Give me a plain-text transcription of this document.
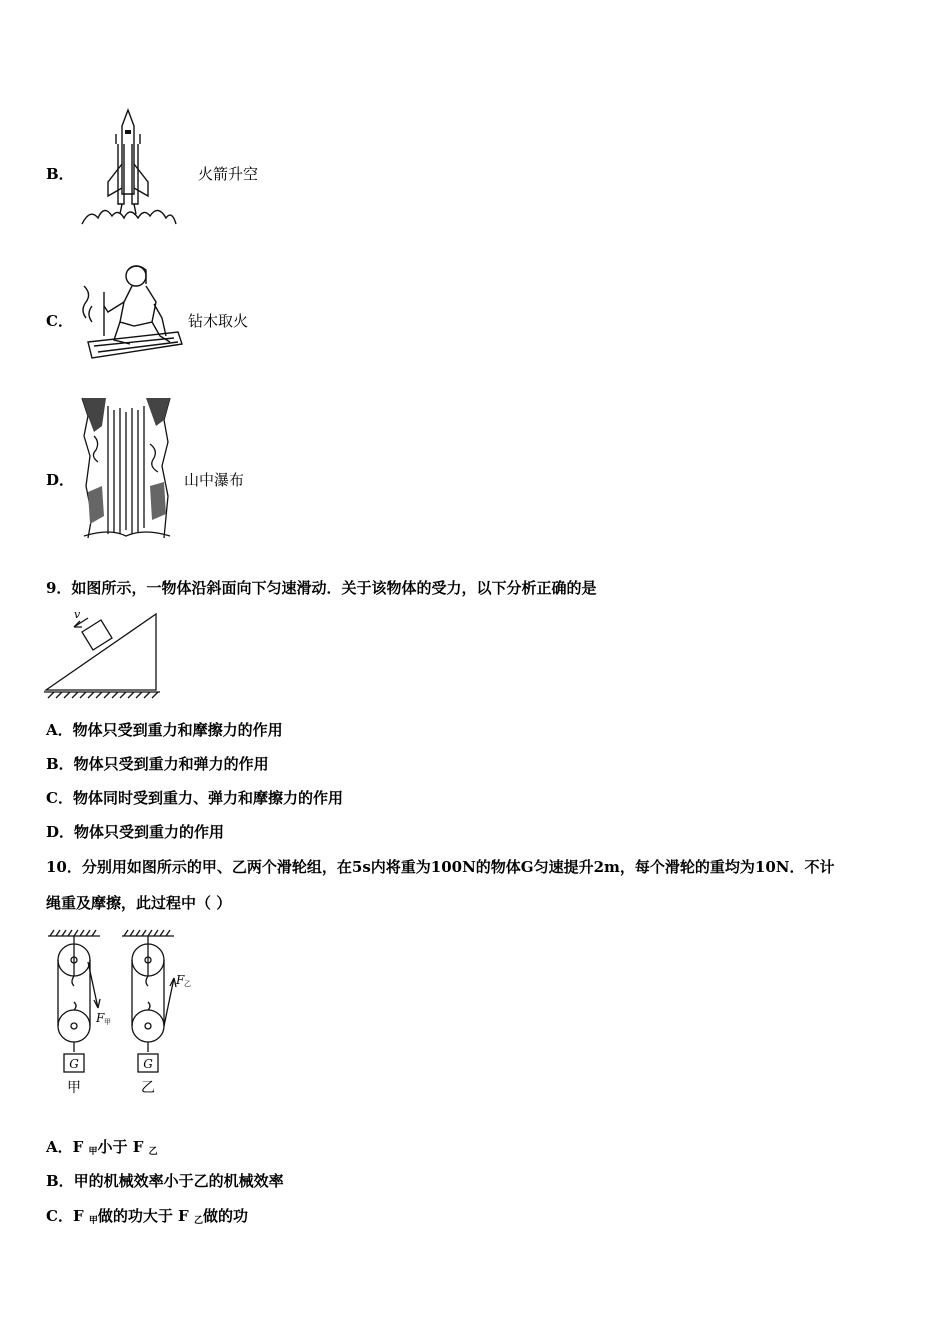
B．	火箭升空
C．	钻木取火
D．	山中瀑布
9．如图所示，一物体沿斜面向下匀速滑动．关于该物体的受力，以下分析正确的是
v
A．物体只受到重力和摩擦力的作用
B．物体只受到重力和弹力的作用
C．物体同时受到重力、弹力和摩擦力的作用
D．物体只受到重力的作用
10．分别用如图所示的甲、乙两个滑轮组，在5s内将重为100N的物体G匀速提升2m，每个滑轮的重均为10N．不计
绳重及摩擦，此过程中（ ）
G	G
F 甲
F 乙
甲	乙
A．F $_甲$小于 F $_乙$
B．甲的机械效率小于乙的机械效率
C．F $_甲$做的功大于 F $_乙$做的功
